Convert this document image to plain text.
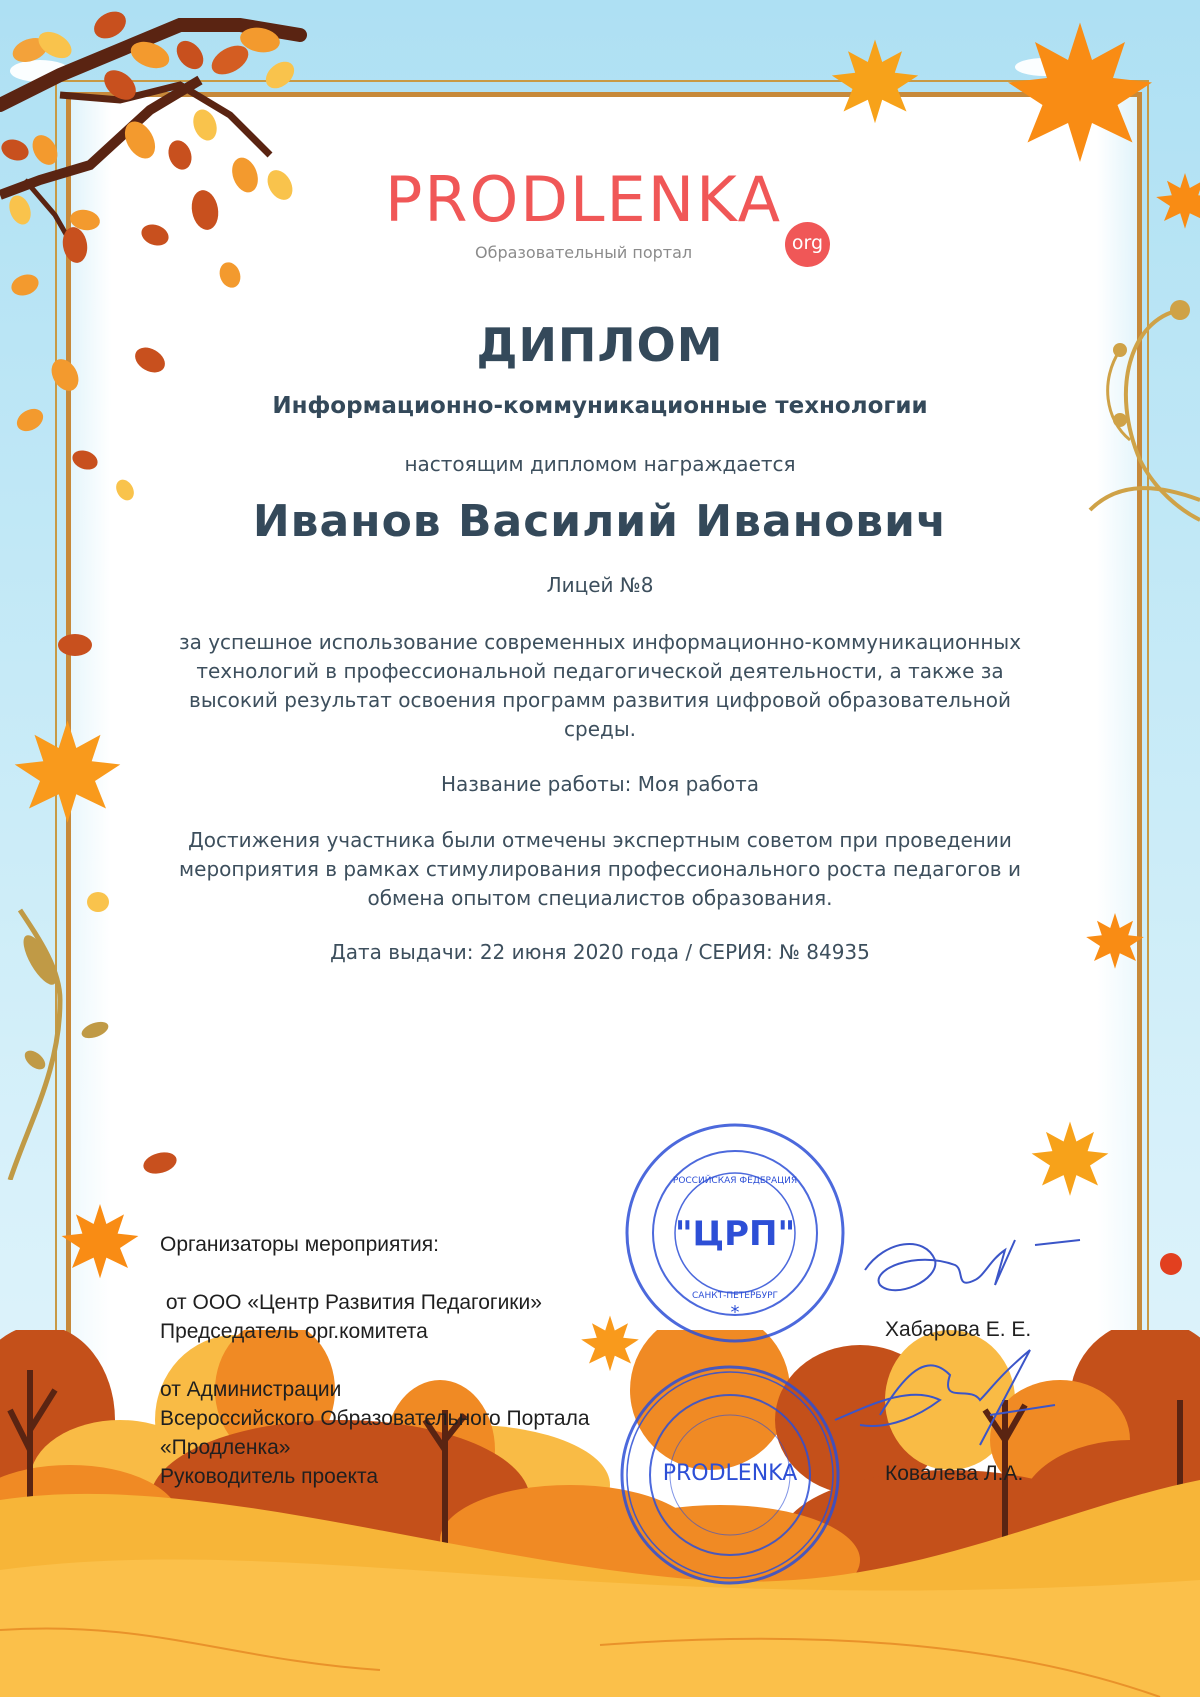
PRODLENKA
org
Образовательный портал
ДИПЛОМ
Информационно-коммуникационные технологии
настоящим дипломом награждается
Иванов Василий Иванович
Лицей №8
за успешное использование современных информационно-коммуникационных технологий в профессиональной педагогической деятельности, а также за высокий результат освоения программ развития цифровой образовательной среды.
Название работы: Моя работа
Достижения участника были отмечены экспертным советом при проведении мероприятия в рамках стимулирования профессионального роста педагогов и обмена опытом специалистов образования.
Дата выдачи: 22 июня 2020 года / СЕРИЯ: № 84935
Организаторы мероприятия:
от ООО «Центр Развития Педагогики»
Председатель орг.комитета
от Администрации
Всероссийского Образовательного Портала
«Продленка»
Руководитель проекта
Хабарова Е. Е.
Ковалева Л.А.
"ЦРП"
САНКТ-ПЕТЕРБУРГ
РОССИЙСКАЯ ФЕДЕРАЦИЯ
*
PRODLENKA
